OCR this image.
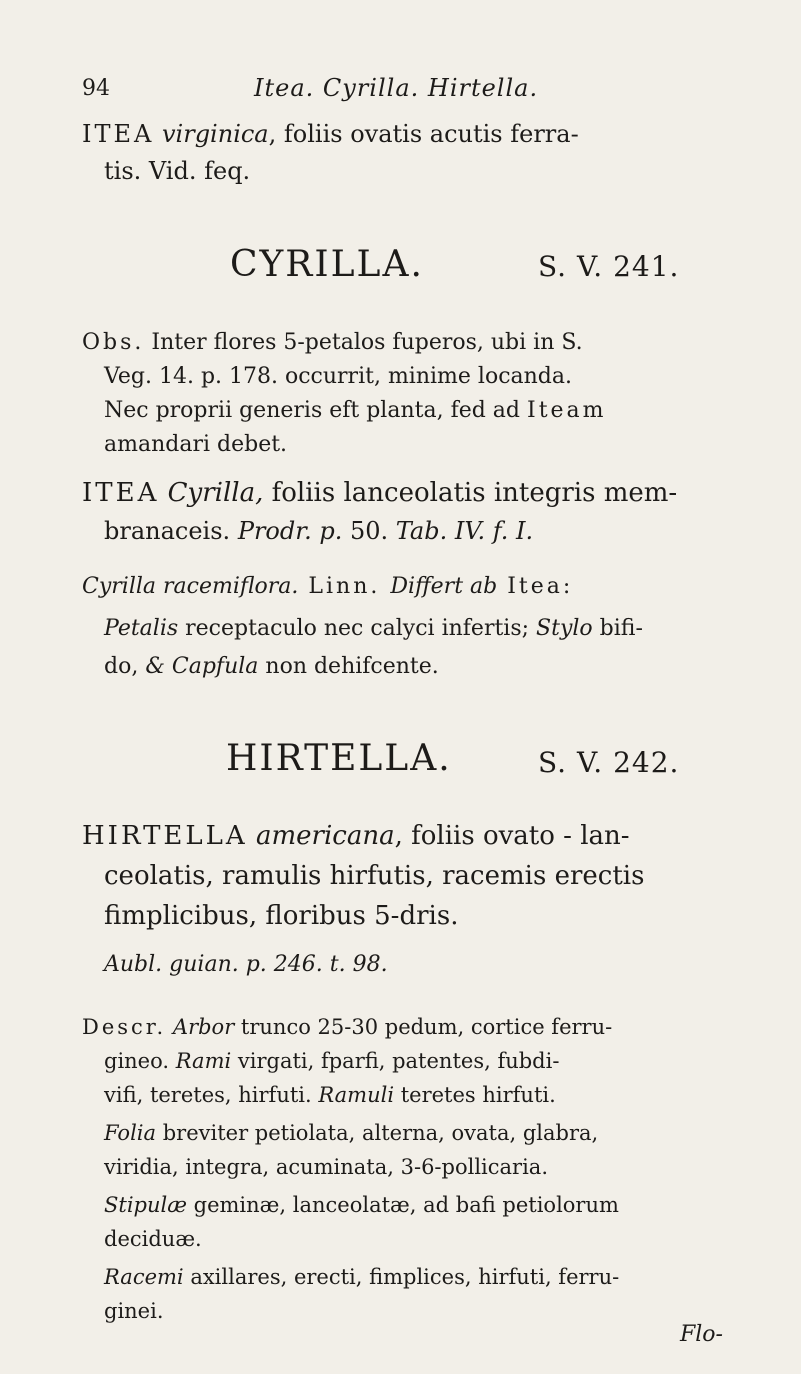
94	Itea. Cyrilla. Hirtella.
ITEA virginica, foliis ovatis acutis ferra-
tis. Vid. feq.
CYRILLA.	S. V. 241.
Obs. Inter flores 5-petalos fuperos, ubi in S.
Veg. 14. p. 178. occurrit, minime locanda.
Nec proprii generis eft planta, fed ad Iteam
amandari debet.
ITEA Cyrilla, foliis lanceolatis integris mem-
branaceis. Prodr. p. 50. Tab. IV. f. I.
Cyrilla racemiflora. Linn. Differt ab Itea:
Petalis receptaculo nec calyci infertis; Stylo bifi-
do, & Capfula non dehifcente.
HIRTELLA.	S. V. 242.
HIRTELLA americana, foliis ovato - lan-
ceolatis, ramulis hirfutis, racemis erectis
fimplicibus, floribus 5-dris.
Aubl. guian. p. 246. t. 98.
Descr. Arbor trunco 25-30 pedum, cortice ferru-
gineo. Rami virgati, fparfi, patentes, fubdi-
vifi, teretes, hirfuti. Ramuli teretes hirfuti.
Folia breviter petiolata, alterna, ovata, glabra,
viridia, integra, acuminata, 3-6-pollicaria.
Stipulæ geminæ, lanceolatæ, ad bafi petiolorum
deciduæ.
Racemi axillares, erecti, fimplices, hirfuti, ferru-
ginei.
Flo-
